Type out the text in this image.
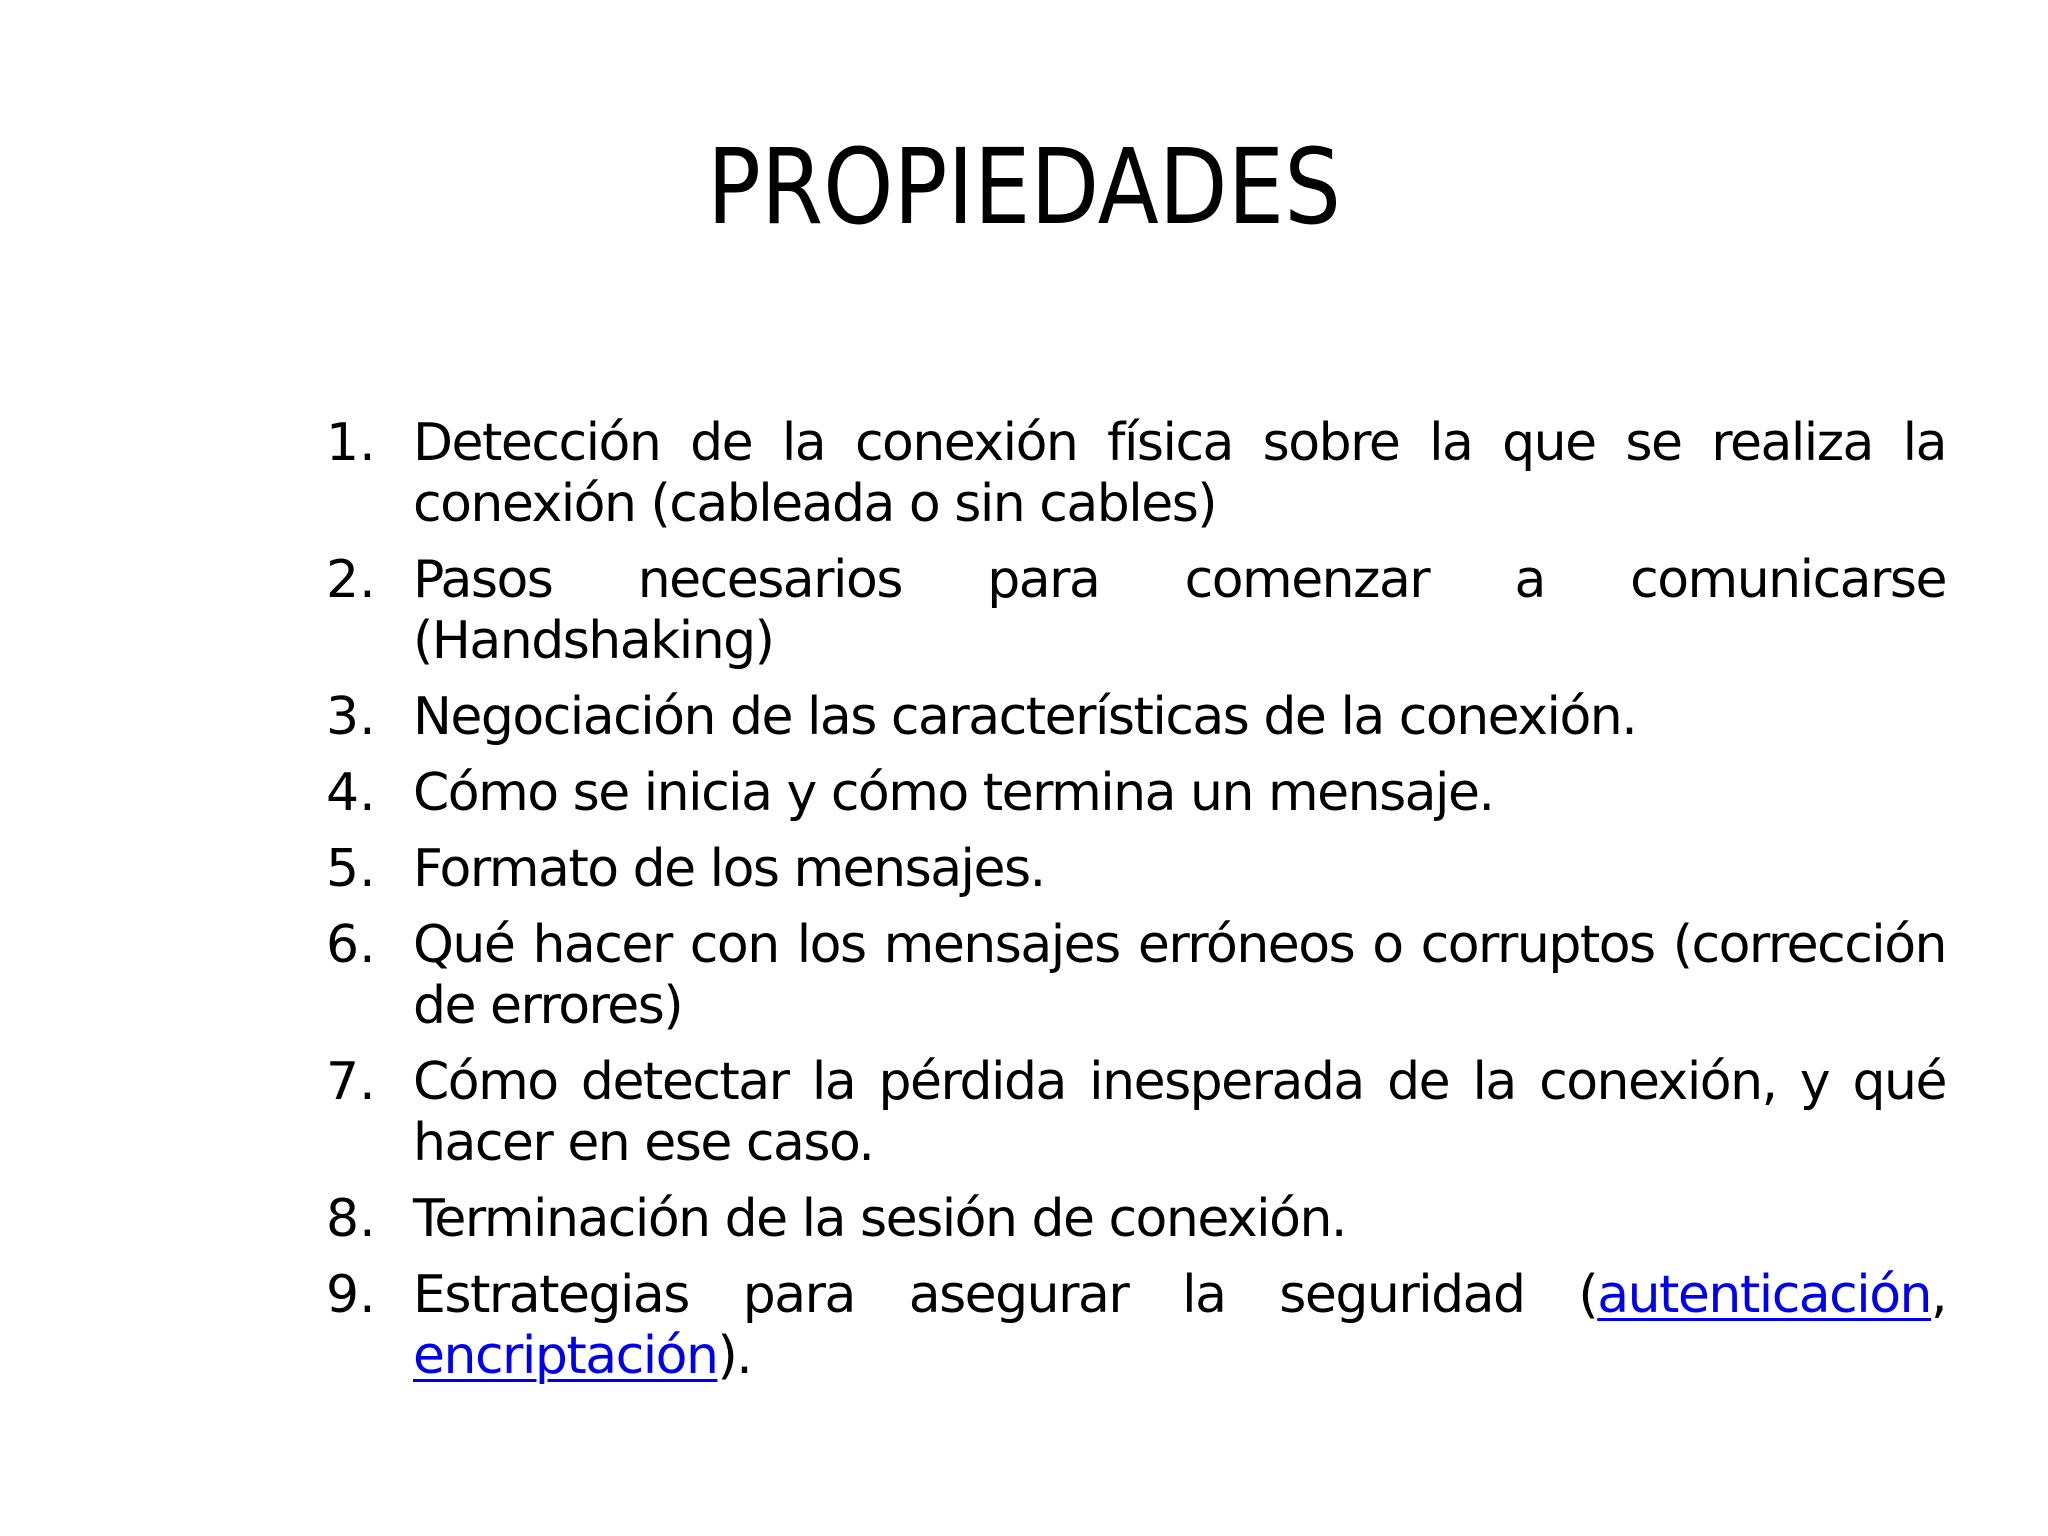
PROPIEDADES
1. Detección de la conexión física sobre la que se realiza la conexión (cableada o sin cables)
2. Pasos necesarios para comenzar a comunicarse (Handshaking)
3. Negociación de las características de la conexión.
4. Cómo se inicia y cómo termina un mensaje.
5. Formato de los mensajes.
6. Qué hacer con los mensajes erróneos o corruptos (corrección de errores)
7. Cómo detectar la pérdida inesperada de la conexión, y qué hacer en ese caso.
8. Terminación de la sesión de conexión.
9. Estrategias para asegurar la seguridad (autenticación, encriptación).
